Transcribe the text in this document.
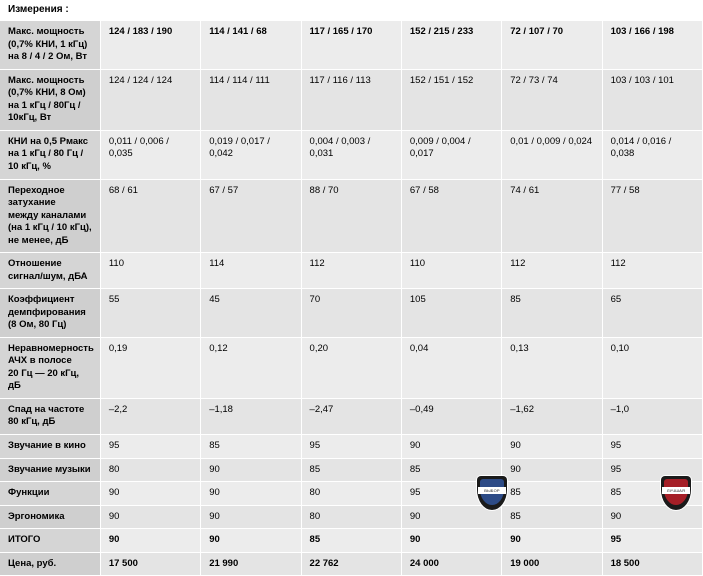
Измерения :						
Макс. мощность
(0,7% КНИ, 1 кГц)
на 8 / 4 / 2 Ом, Вт	124 / 183 / 190	114 / 141 / 68	117 / 165 / 170	152 / 215 / 233	72 / 107 / 70	103 / 166 / 198
Макс. мощность
(0,7% КНИ, 8 Ом)
на 1 кГц / 80Гц / 10кГц, Вт	124 / 124 / 124	114 / 114 / 111	117 / 116 / 113	152 / 151 / 152	72 / 73 / 74	103 / 103 / 101
КНИ на 0,5 Рмакс
на 1 кГц / 80 Гц / 10 кГц, %	0,011 / 0,006 / 0,035	0,019 / 0,017 / 0,042	0,004 / 0,003 / 0,031	0,009 / 0,004 / 0,017	0,01 / 0,009 / 0,024	0,014 / 0,016 / 0,038
Переходное затухание
между каналами
(на 1 кГц / 10 кГц),
не менее, дБ	68 / 61	67 / 57	88 / 70	67 / 58	74 / 61	77 / 58
Отношение
сигнал/шум, дБА	110	114	112	110	112	112
Коэффициент
демпфирования
(8 Ом, 80 Гц)	55	45	70	105	85	65
Неравномерность
АЧХ в полосе
20 Гц — 20 кГц, дБ	0,19	0,12	0,20	0,04	0,13	0,10
Спад на частоте 80 кГц, дБ	–2,2	–1,18	–2,47	–0,49	–1,62	–1,0
Звучание в кино	95	85	95	90	90	95
Звучание музыки	80	90	85	85	90	95
Функции	90	90	80	95	85	85
Эргономика	90	90	80	90	85	90
ИТОГО	90	90	85	90	90	95
Цена, руб.	17 500	21 990	22 762	24 000	19 000	18 500
ВЫБОР	ЛУЧШАЯ
